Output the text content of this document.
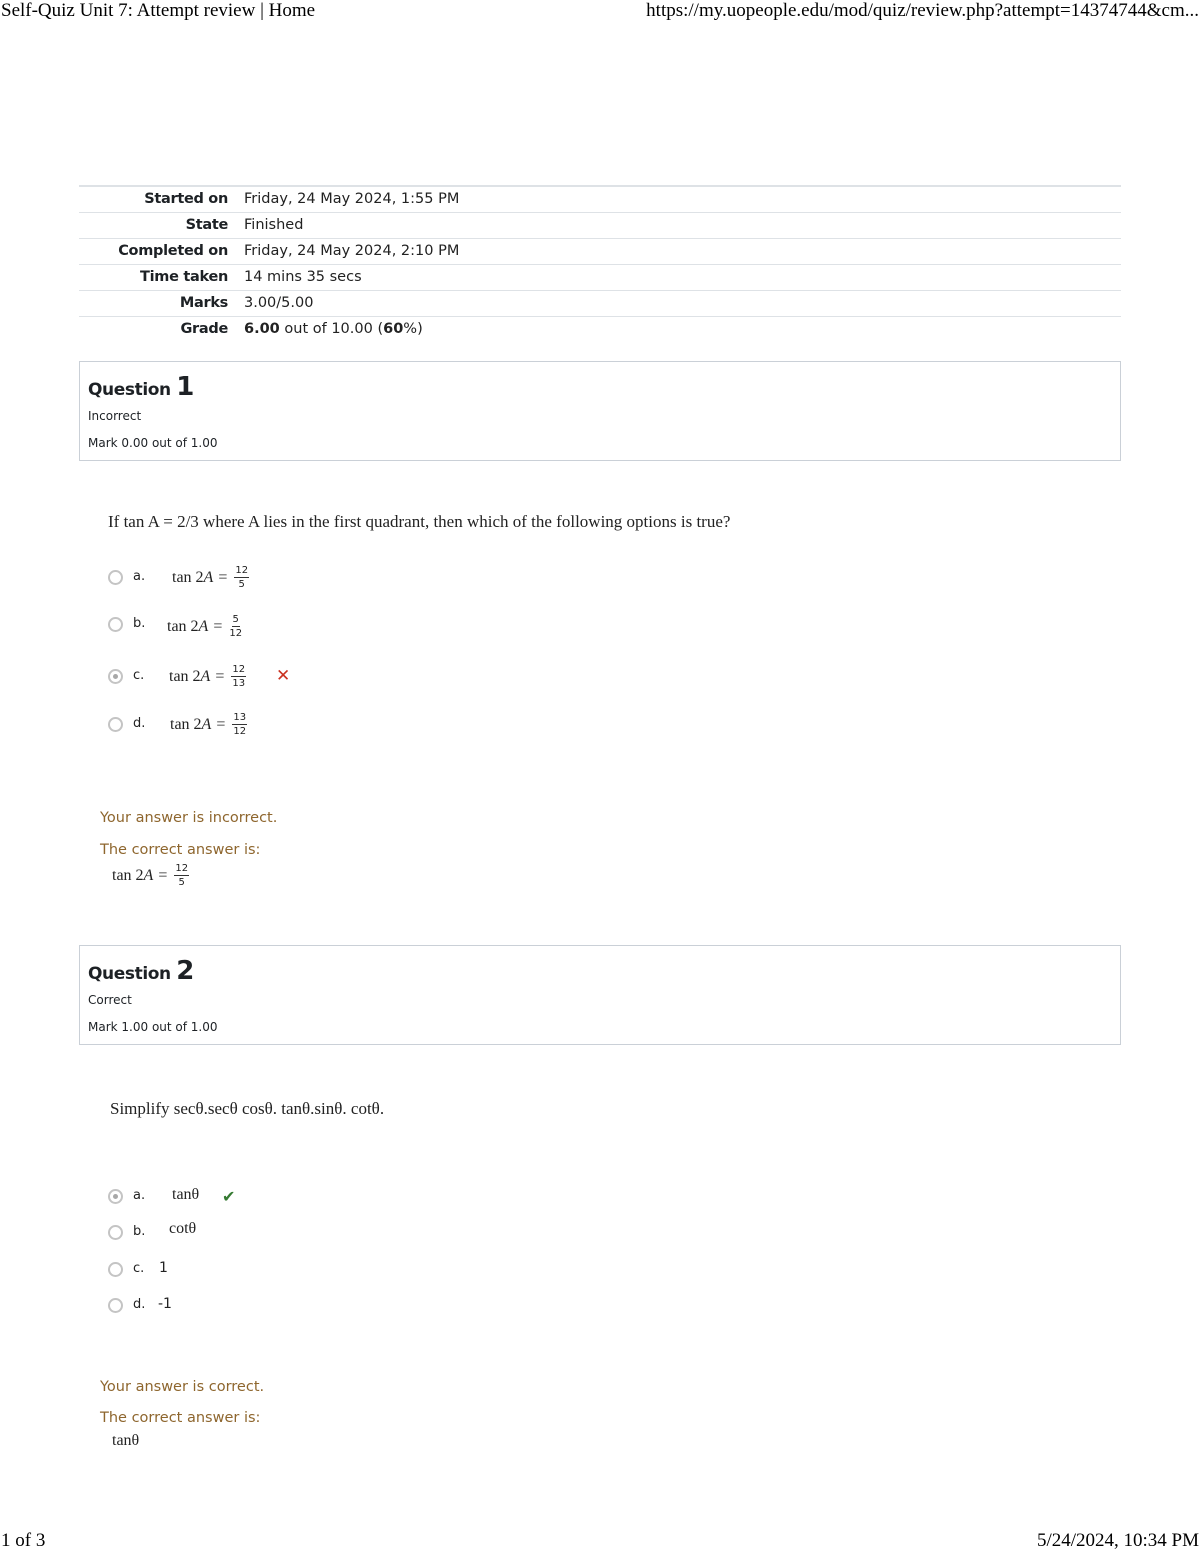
Self-Quiz Unit 7: Attempt review | Home	https://my.uopeople.edu/mod/quiz/review.php?attempt=14374744&cm...
Started on Friday, 24 May 2024, 1:55 PM
State Finished
Completed on Friday, 24 May 2024, 2:10 PM
Time taken 14 mins 35 secs
Marks 3.00/5.00
Grade 6.00 out of 10.00 (60%)
Question 1
Incorrect
Mark 0.00 out of 1.00
If tan A = 2/3 where A lies in the first quadrant, then which of the following options is true?
a. $\tan 2A = \frac{12}{5}$
b. $\tan 2A = \frac{5}{12}$
c. $\tan 2A = \frac{12}{13}$ ✕
d. $\tan 2A = \frac{13}{12}$
Your answer is incorrect.
The correct answer is:
$\tan 2A = \frac{12}{5}$
Question 2
Correct
Mark 1.00 out of 1.00
Simplify secθ.secθ cosθ. tanθ.sinθ. cotθ.
a. tanθ ✔
b. cotθ
c. 1
d. -1
Your answer is correct.
The correct answer is:
tanθ
1 of 3	5/24/2024, 10:34 PM
